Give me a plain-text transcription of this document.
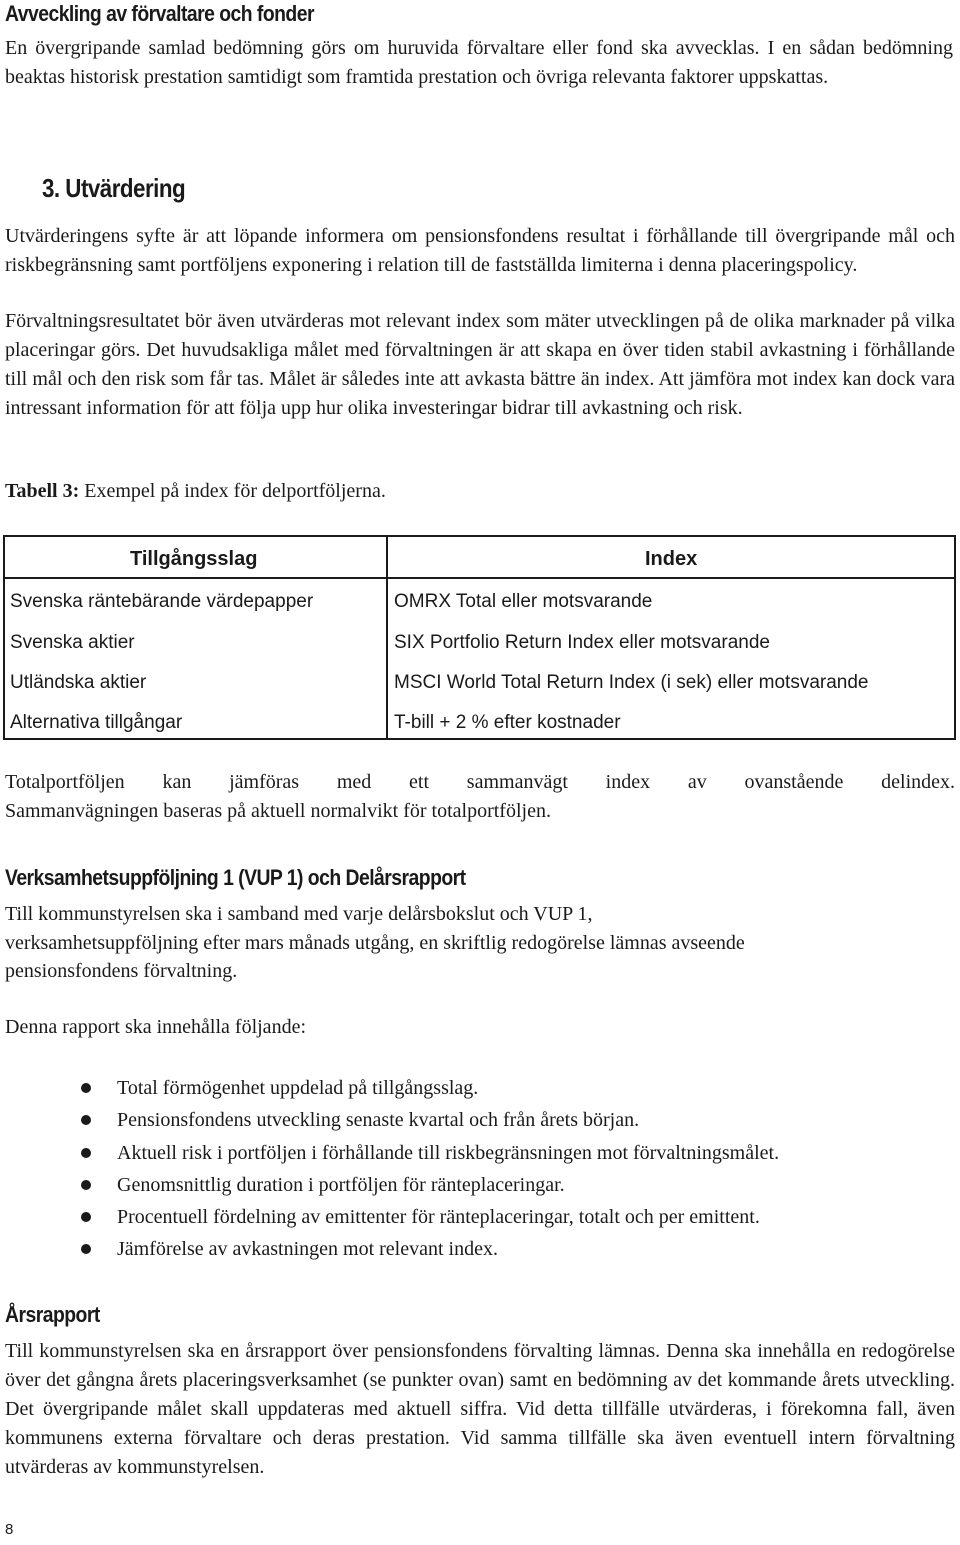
Avveckling av förvaltare och fonder

En övergripande samlad bedömning görs om huruvida förvaltare eller fond ska avvecklas. I en sådan bedömning beaktas historisk prestation samtidigt som framtida prestation och övriga relevanta faktorer uppskattas.

3. Utvärdering

Utvärderingens syfte är att löpande informera om pensionsfondens resultat i förhållande till övergripande mål och riskbegränsning samt portföljens exponering i relation till de fastställda limiterna i denna placeringspolicy.

Förvaltningsresultatet bör även utvärderas mot relevant index som mäter utvecklingen på de olika marknader på vilka placeringar görs. Det huvudsakliga målet med förvaltningen är att skapa en över tiden stabil avkastning i förhållande till mål och den risk som får tas. Målet är således inte att avkasta bättre än index. Att jämföra mot index kan dock vara intressant information för att följa upp hur olika investeringar bidrar till avkastning och risk.

Tabell 3: Exempel på index för delportföljerna.
Tillgångsslag	Index
Svenska räntebärande värdepapper	OMRX Total eller motsvarande
Svenska aktier	SIX Portfolio Return Index eller motsvarande
Utländska aktier	MSCI World Total Return Index (i sek) eller motsvarande
Alternativa tillgångar	T-bill + 2 % efter kostnader
Totalportföljen kan jämföras med ett sammanvägt index av ovanstående delindex.
Sammanvägningen baseras på aktuell normalvikt för totalportföljen.
Verksamhetsuppföljning 1 (VUP 1) och Delårsrapport
Till kommunstyrelsen ska i samband med varje delårsbokslut och VUP 1,
verksamhetsuppföljning efter mars månads utgång, en skriftlig redogörelse lämnas avseende
pensionsfondens förvaltning.
Denna rapport ska innehålla följande:
Total förmögenhet uppdelad på tillgångsslag.
Pensionsfondens utveckling senaste kvartal och från årets början.
Aktuell risk i portföljen i förhållande till riskbegränsningen mot förvaltningsmålet.
Genomsnittlig duration i portföljen för ränteplaceringar.
Procentuell fördelning av emittenter för ränteplaceringar, totalt och per emittent.
Jämförelse av avkastningen mot relevant index.
Årsrapport

Till kommunstyrelsen ska en årsrapport över pensionsfondens förvalting lämnas. Denna ska innehålla en redogörelse över det gångna årets placeringsverksamhet (se punkter ovan) samt en bedömning av det kommande årets utveckling. Det övergripande målet skall uppdateras med aktuell siffra. Vid detta tillfälle utvärderas, i förekomna fall, även kommunens externa förvaltare och deras prestation. Vid samma tillfälle ska även eventuell intern förvaltning utvärderas av kommunstyrelsen.

8
